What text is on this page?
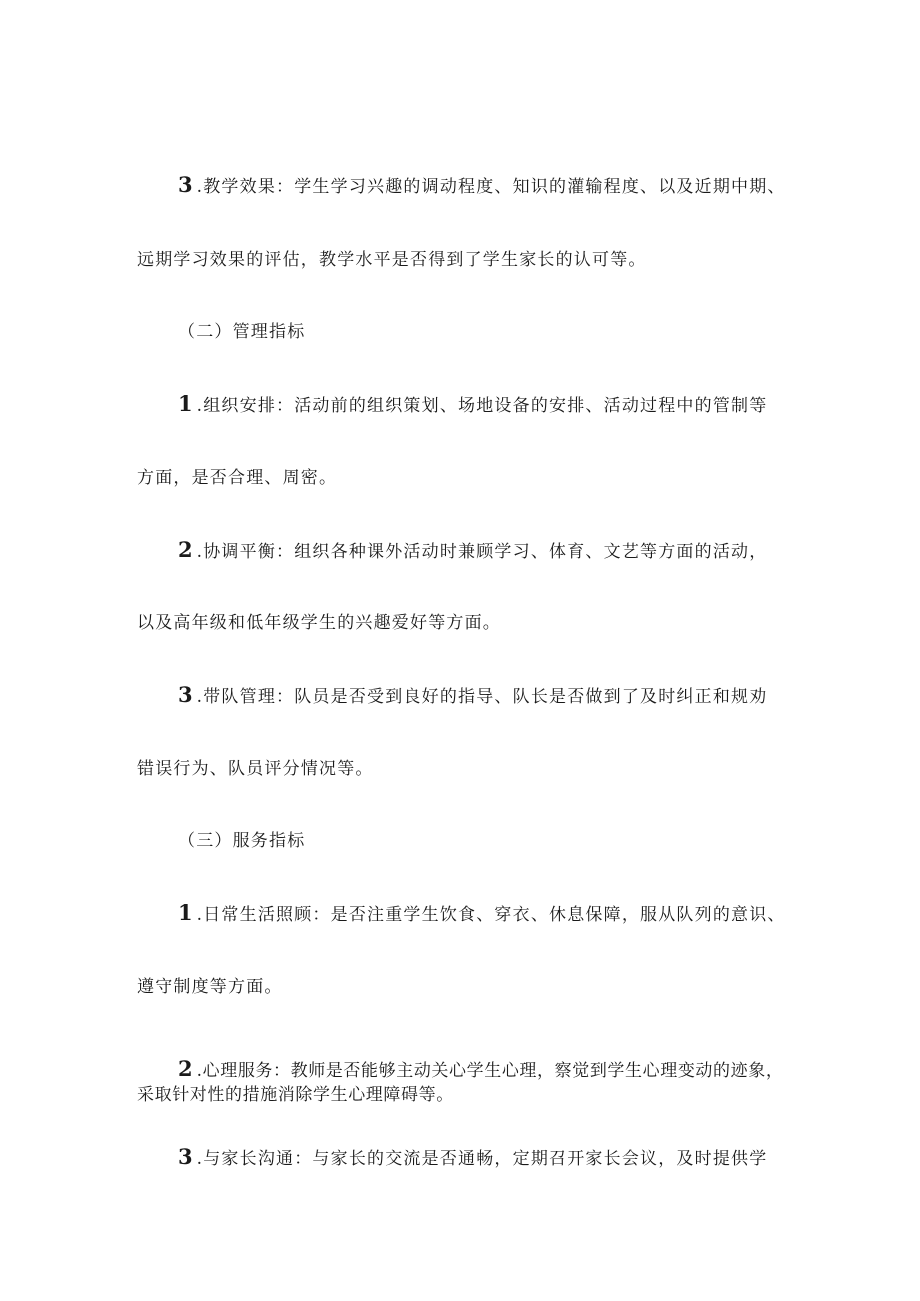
3 .教学效果：学生学习兴趣的调动程度、知识的灌输程度、以及近期中期、
远期学习效果的评估，教学水平是否得到了学生家长的认可等。
（二）管理指标
1 .组织安排：活动前的组织策划、场地设备的安排、活动过程中的管制等
方面，是否合理、周密。
2 .协调平衡：组织各种课外活动时兼顾学习、体育、文艺等方面的活动，
以及高年级和低年级学生的兴趣爱好等方面。
3 .带队管理：队员是否受到良好的指导、队长是否做到了及时纠正和规劝
错误行为、队员评分情况等。
（三）服务指标
1 .日常生活照顾：是否注重学生饮食、穿衣、休息保障，服从队列的意识、
遵守制度等方面。
2 .心理服务：教师是否能够主动关心学生心理，察觉到学生心理变动的迹象，
采取针对性的措施消除学生心理障碍等。
3 .与家长沟通：与家长的交流是否通畅，定期召开家长会议，及时提供学
